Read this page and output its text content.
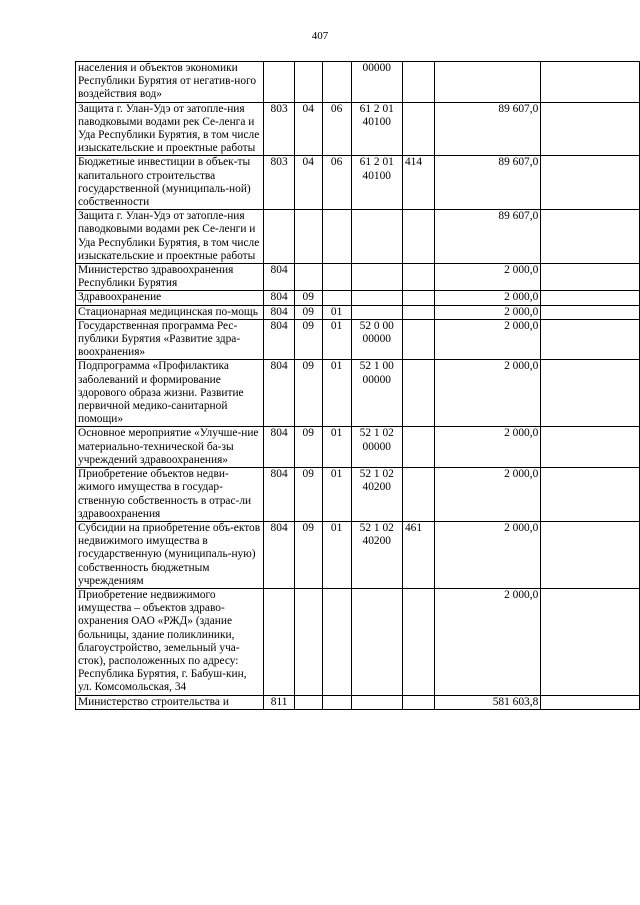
407
населения и объектов экономики Республики Бурятия от негатив-ного воздействия вод»				00000			
Защита г. Улан-Удэ от затопле-ния паводковыми водами рек Се-ленга и Уда Республики Бурятия, в том числе изыскательские и проектные работы	803	04	06	61 2 01 40100		89 607,0	
Бюджетные инвестиции в объек-ты капитального строительства государственной (муниципаль-ной) собственности	803	04	06	61 2 01 40100	414	89 607,0	
Защита г. Улан-Удэ от затопле-ния паводковыми водами рек Се-ленги и Уда Республики Бурятия, в том числе изыскательские и проектные работы						89 607,0	
Министерство здравоохранения Республики Бурятия	804					2 000,0	
Здравоохранение	804	09				2 000,0	
Стационарная медицинская по-мощь	804	09	01			2 000,0	
Государственная программа Рес-публики Бурятия «Развитие здра-воохранения»	804	09	01	52 0 00 00000		2 000,0	
Подпрограмма «Профилактика заболеваний и формирование здорового образа жизни. Развитие первичной медико-санитарной помощи»	804	09	01	52 1 00 00000		2 000,0	
Основное мероприятие «Улучше-ние материально-технической ба-зы учреждений здравоохранения»	804	09	01	52 1 02 00000		2 000,0	
Приобретение объектов недви-жимого имущества в государ-ственную собственность в отрас-ли здравоохранения	804	09	01	52 1 02 40200		2 000,0	
Субсидии на приобретение объ-ектов недвижимого имущества в государственную (муниципаль-ную) собственность бюджетным учреждениям	804	09	01	52 1 02 40200	461	2 000,0	
Приобретение недвижимого имущества – объектов здраво-охранения ОАО «РЖД» (здание больницы, здание поликлиники, благоустройство, земельный уча-сток), расположенных по адресу: Республика Бурятия, г. Бабуш-кин, ул. Комсомольская, 34						2 000,0	
Министерство строительства и	811					581 603,8	
